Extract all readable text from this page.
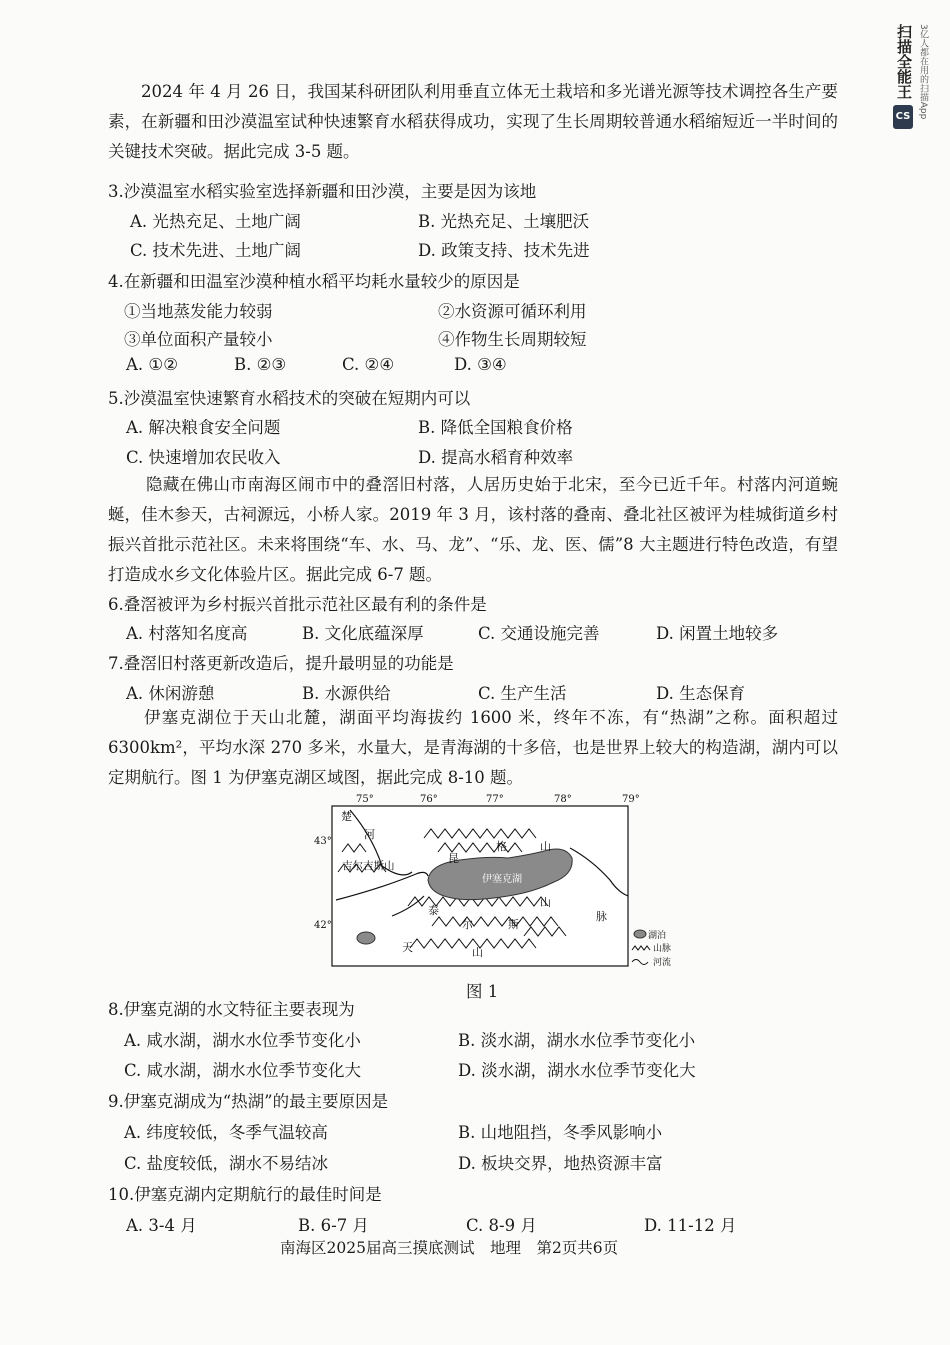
扫描全能王 3亿人都在用的扫描App
CS
2024 年 4 月 26 日，我国某科研团队利用垂直立体无土栽培和多光谱光源等技术调控各生产要素，在新疆和田沙漠温室试种快速繁育水稻获得成功，实现了生长周期较普通水稻缩短近一半时间的关键技术突破。据此完成 3-5 题。
3.沙漠温室水稻实验室选择新疆和田沙漠，主要是因为该地
A. 光热充足、土地广阔	B. 光热充足、土壤肥沃
C. 技术先进、土地广阔	D. 政策支持、技术先进
4.在新疆和田温室沙漠种植水稻平均耗水量较少的原因是
①当地蒸发能力较弱	②水资源可循环利用
③单位面积产量较小	④作物生长周期较短
A. ①②	B. ②③	C. ②④	D. ③④
5.沙漠温室快速繁育水稻技术的突破在短期内可以
A. 解决粮食安全问题	B. 降低全国粮食价格
C. 快速增加农民收入	D. 提高水稻育种效率
隐藏在佛山市南海区闹市中的叠滘旧村落，人居历史始于北宋，至今已近千年。村落内河道蜿蜒，佳木参天，古祠源远，小桥人家。2019 年 3 月，该村落的叠南、叠北社区被评为桂城街道乡村振兴首批示范社区。未来将围绕“车、水、马、龙”、“乐、龙、医、儒”8 大主题进行特色改造，有望打造成水乡文化体验片区。据此完成 6-7 题。
6.叠滘被评为乡村振兴首批示范社区最有利的条件是
A. 村落知名度高	B. 文化底蕴深厚	C. 交通设施完善	D. 闲置土地较多
7.叠滘旧村落更新改造后，提升最明显的功能是
A. 休闲游憩	B. 水源供给	C. 生产生活	D. 生态保育
伊塞克湖位于天山北麓，湖面平均海拔约 1600 米，终年不冻，有“热湖”之称。面积超过 6300km²，平均水深 270 多米，水量大，是青海湖的十多倍，也是世界上较大的构造湖，湖内可以定期航行。图 1 为伊塞克湖区域图，据此完成 8-10 题。
75°	76°	77°	78°	79°
43°
42°
伊塞克湖
楚
河
吉尔吉斯山
昆
格	山
泰
尔	斯
山
脉
天	山
湖泊
山脉
河流
图 1
8.伊塞克湖的水文特征主要表现为
A. 咸水湖，湖水水位季节变化小	B. 淡水湖，湖水水位季节变化小
C. 咸水湖，湖水水位季节变化大	D. 淡水湖，湖水水位季节变化大
9.伊塞克湖成为“热湖”的最主要原因是
A. 纬度较低，冬季气温较高	B. 山地阻挡，冬季风影响小
C. 盐度较低，湖水不易结冰	D. 板块交界，地热资源丰富
10.伊塞克湖内定期航行的最佳时间是
A. 3-4 月	B. 6-7 月	C. 8-9 月	D. 11-12 月
南海区2025届高三摸底测试　地理　第2页共6页
